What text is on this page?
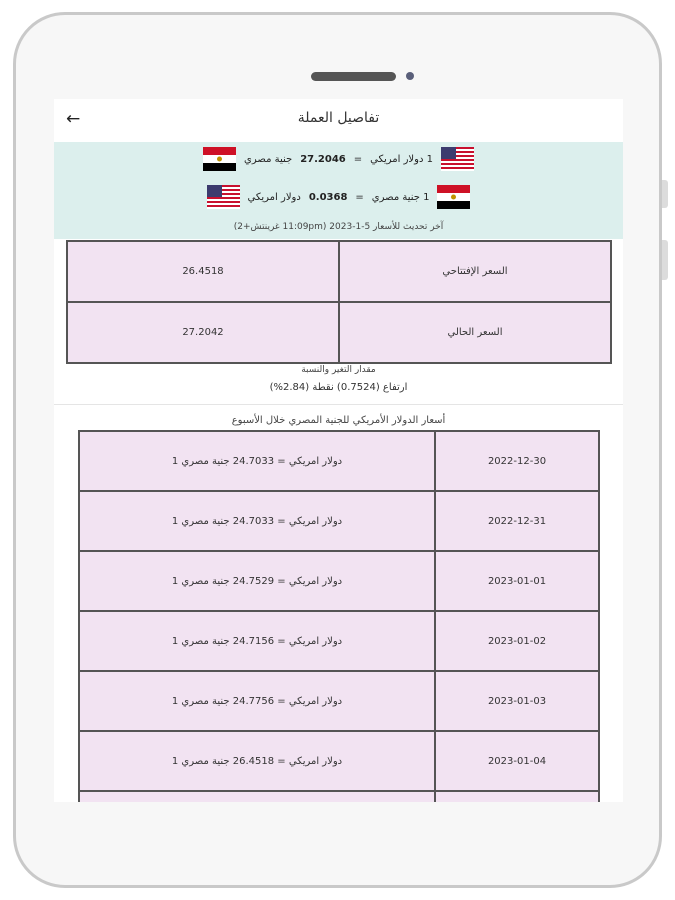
←	تفاصيل العملة
1 دولار امريكي
=
27.2046
جنية مصري
1 جنية مصري
=
0.0368
دولار امريكي
آخر تحديث للأسعار 5-1-2023 (11:09pm غرينتش+2)
26.4518	السعر الإفتتاحي
27.2042	السعر الحالي
مقدار التغير والنسبة
ارتفاع (0.7524) نقطة (2.84%)
أسعار الدولار الأمريكي للجنية المصري خلال الأسبوع
1 دولار امريكي = 24.7033 جنية مصري	2022-12-30
1 دولار امريكي = 24.7033 جنية مصري	2022-12-31
1 دولار امريكي = 24.7529 جنية مصري	2023-01-01
1 دولار امريكي = 24.7156 جنية مصري	2023-01-02
1 دولار امريكي = 24.7756 جنية مصري	2023-01-03
1 دولار امريكي = 26.4518 جنية مصري	2023-01-04
